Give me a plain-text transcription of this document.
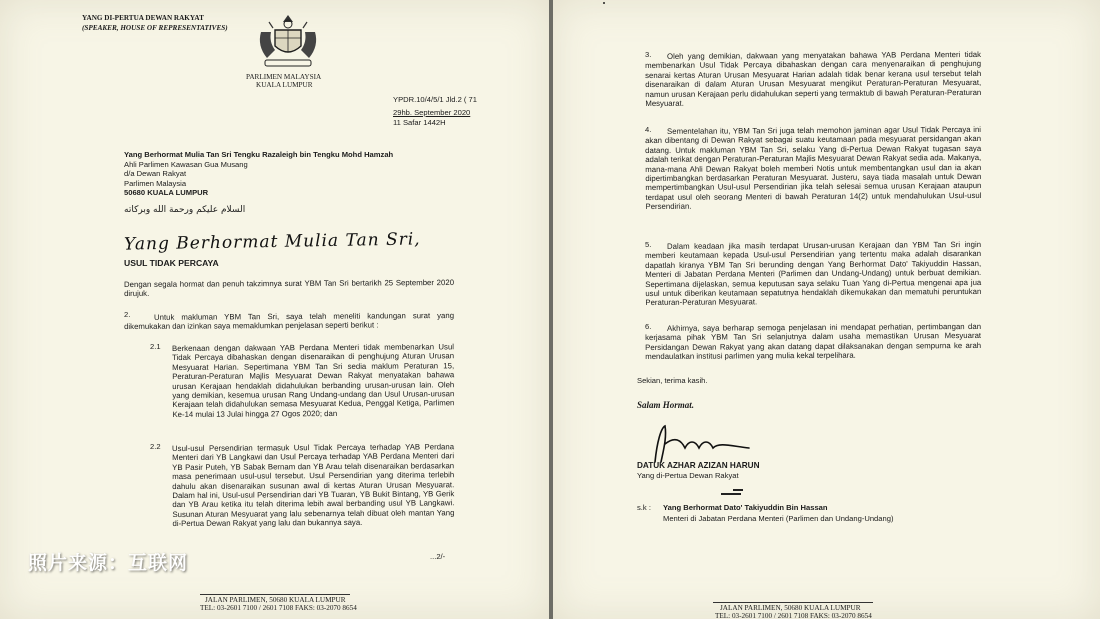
YANG DI-PERTUA DEWAN RAKYAT
(SPEAKER, HOUSE OF REPRESENTATIVES)
PARLIMEN MALAYSIA
KUALA LUMPUR
YPDR.10/4/5/1 Jld.2 ( 71
29hb. September 2020
11 Safar 1442H
Yang Berhormat Mulia Tan Sri Tengku Razaleigh bin Tengku Mohd Hamzah
Ahli Parlimen Kawasan Gua Musang
d/a Dewan Rakyat
Parlimen Malaysia
50680 KUALA LUMPUR
السلام عليكم ورحمة الله وبركاته
Yang Berhormat Mulia Tan Sri,
USUL TIDAK PERCAYA
Dengan segala hormat dan penuh takzimnya surat YBM Tan Sri bertarikh 25 September 2020 dirujuk.
2.	Untuk makluman YBM Tan Sri, saya telah meneliti kandungan surat yang dikemukakan dan izinkan saya memaklumkan penjelasan seperti berikut :
2.1 Berkenaan dengan dakwaan YAB Perdana Menteri tidak membenarkan Usul Tidak Percaya dibahaskan dengan disenaraikan di penghujung Aturan Urusan Mesyuarat Harian. Sepertimana YBM Tan Sri sedia maklum Peraturan 15, Peraturan-Peraturan Majlis Mesyuarat Dewan Rakyat menyatakan bahawa urusan Kerajaan hendaklah didahulukan berbanding urusan-urusan lain. Oleh yang demikian, kesemua urusan Rang Undang-undang dan Usul Urusan-urusan Kerajaan telah didahulukan semasa Mesyuarat Kedua, Penggal Ketiga, Parlimen Ke-14 mulai 13 Julai hingga 27 Ogos 2020; dan
2.2 Usul-usul Persendirian termasuk Usul Tidak Percaya terhadap YAB Perdana Menteri dari YB Langkawi dan Usul Percaya terhadap YAB Perdana Menteri dari YB Pasir Puteh, YB Sabak Bernam dan YB Arau telah disenaraikan berdasarkan masa penerimaan usul-usul tersebut. Usul Persendirian yang diterima terlebih dahulu akan disenaraikan susunan awal di kertas Aturan Urusan Mesyuarat. Dalam hal ini, Usul-usul Persendirian dari YB Tuaran, YB Bukit Bintang, YB Gerik dan YB Arau ketika itu telah diterima lebih awal berbanding usul YB Langkawi. Susunan Aturan Mesyuarat yang lalu sebenarnya telah dibuat oleh mantan Yang di-Pertua Dewan Rakyat yang lalu dan bukannya saya.
...2/-
JALAN PARLIMEN, 50680 KUALA LUMPUR
TEL: 03-2601 7100 / 2601 7108 FAKS: 03-2070 8654
照片来源：互联网
3.	Oleh yang demikian, dakwaan yang menyatakan bahawa YAB Perdana Menteri tidak membenarkan Usul Tidak Percaya dibahaskan dengan cara menyenaraikan di penghujung senarai kertas Aturan Urusan Mesyuarat Harian adalah tidak benar kerana usul tersebut telah disenaraikan di dalam Aturan Urusan Mesyuarat mengikut Peraturan-Peraturan Mesyuarat, namun urusan Kerajaan perlu didahulukan seperti yang termaktub di bawah Peraturan-Peraturan Mesyuarat.
4.	Sementelahan itu, YBM Tan Sri juga telah memohon jaminan agar Usul Tidak Percaya ini akan dibentang di Dewan Rakyat sebagai suatu keutamaan pada mesyuarat persidangan akan datang. Untuk makluman YBM Tan Sri, selaku Yang di-Pertua Dewan Rakyat tugasan saya adalah terikat dengan Peraturan-Peraturan Majlis Mesyuarat Dewan Rakyat sedia ada. Makanya, mana-mana Ahli Dewan Rakyat boleh memberi Notis untuk membentangkan usul dan ia akan dipertimbangkan berdasarkan Peraturan Mesyuarat. Justeru, saya tiada masalah untuk Dewan mempertimbangkan Usul-usul Persendirian jika telah selesai semua urusan Kerajaan ataupun terdapat usul oleh seorang Menteri di bawah Peraturan 14(2) untuk mendahulukan Usul-usul Persendirian.
5.	Dalam keadaan jika masih terdapat Urusan-urusan Kerajaan dan YBM Tan Sri ingin memberi keutamaan kepada Usul-usul Persendirian yang tertentu maka adalah disarankan dapatlah kiranya YBM Tan Sri berunding dengan Yang Berhormat Dato' Takiyuddin Hassan, Menteri di Jabatan Perdana Menteri (Parlimen dan Undang-Undang) untuk berbuat demikian. Sepertimana dijelaskan, semua keputusan saya selaku Tuan Yang di-Pertua mengenai apa jua usul untuk diberikan keutamaan sepatutnya hendaklah dikemukakan dan mematuhi peruntukan Peraturan-Peraturan Mesyuarat.
6.	Akhirnya, saya berharap semoga penjelasan ini mendapat perhatian, pertimbangan dan kerjasama pihak YBM Tan Sri selanjutnya dalam usaha memastikan Urusan Mesyuarat Persidangan Dewan Rakyat yang akan datang dapat dilaksanakan dengan sempurna ke arah mendaulatkan institusi parlimen yang mulia kekal terpelihara.
Sekian, terima kasih.
Salam Hormat.
DATUK AZHAR AZIZAN HARUN
Yang di-Pertua Dewan Rakyat
s.k : Yang Berhormat Dato' Takiyuddin Bin Hassan
Menteri di Jabatan Perdana Menteri (Parlimen dan Undang-Undang)
JALAN PARLIMEN, 50680 KUALA LUMPUR
TEL: 03-2601 7100 / 2601 7108 FAKS: 03-2070 8654
